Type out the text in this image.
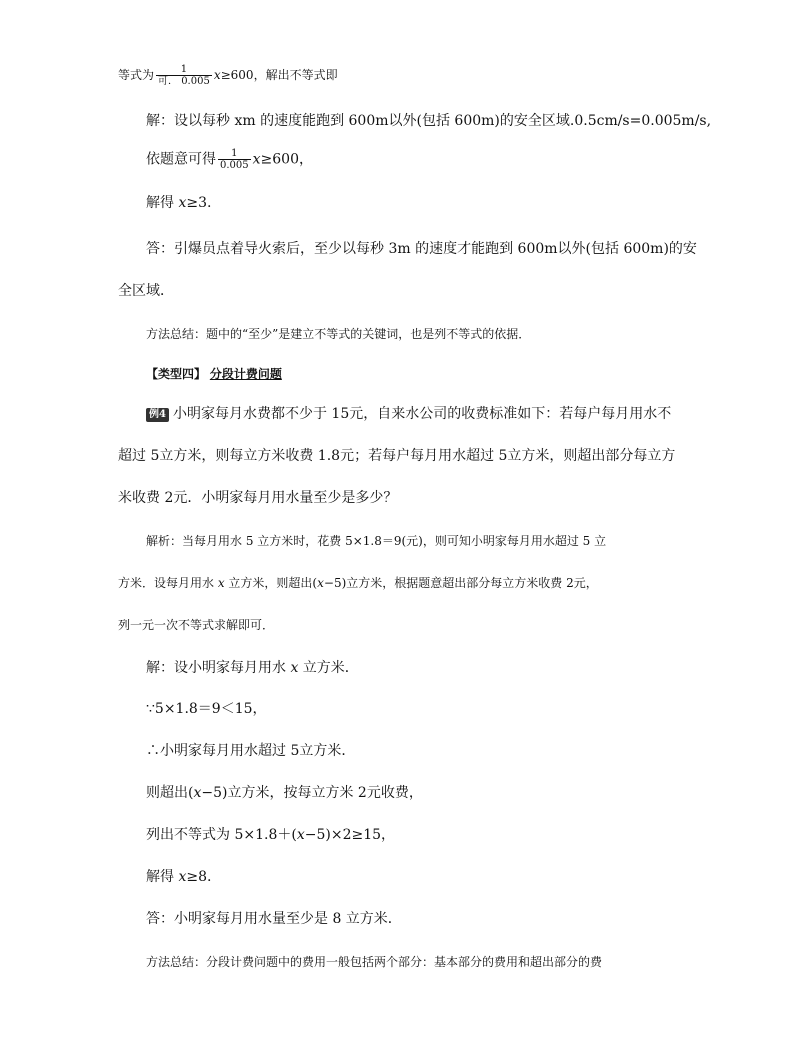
等式为 $\frac{1}{\text{可． 0.005}} x\ge 600$，解出不等式即
解：设以每秒 xm 的速度能跑到 600m以外(包括 600m)的安全区域.0.5cm/s=0.005m/s,
依题意可得 $\frac{1}{0.005} x\ge 600$，
解得 x≥3.
答：引爆员点着导火索后，至少以每秒 3m 的速度才能跑到 600m以外(包括 600m)的安
全区域．
方法总结：题中的“至少”是建立不等式的关键词，也是列不等式的依据．
【类型四】 分段计费问题
例4 小明家每月水费都不少于 15元，自来水公司的收费标准如下：若每户每月用水不
超过 5立方米，则每立方米收费 1.8元；若每户每月用水超过 5立方米，则超出部分每立方
米收费 2元．小明家每月用水量至少是多少？
解析：当每月用水 5 立方米时，花费 5×1.8＝9(元)，则可知小明家每月用水超过 5 立
方米．设每月用水 x 立方米，则超出(x−5)立方米，根据题意超出部分每立方米收费 2元，
列一元一次不等式求解即可．
解：设小明家每月用水 x 立方米．
∵5×1.8＝9＜15，
∴小明家每月用水超过 5立方米．
则超出(x−5)立方米，按每立方米 2元收费，
列出不等式为 5×1.8＋(x−5)×2≥15，
解得 x≥8.
答：小明家每月用水量至少是 8 立方米．
方法总结：分段计费问题中的费用一般包括两个部分：基本部分的费用和超出部分的费
